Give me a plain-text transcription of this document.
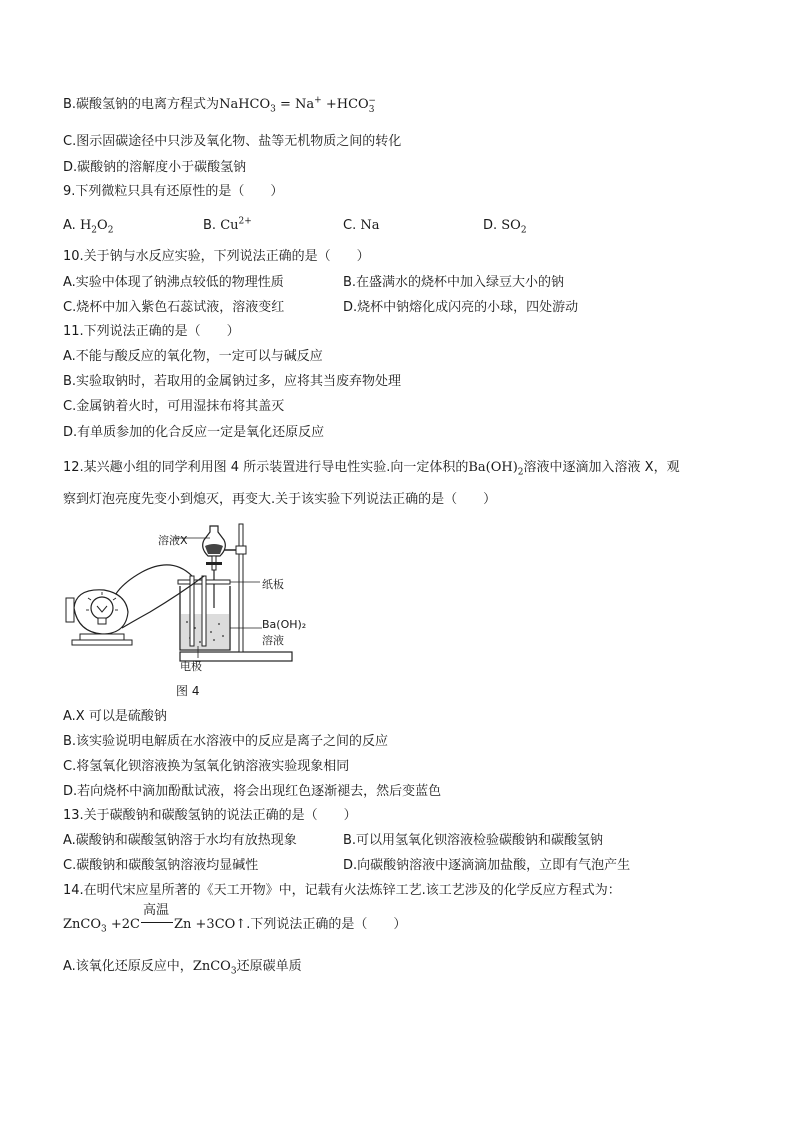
B.碳酸氢钠的电离方程式为NaHCO$_3$ = $Na^+ +HCO_3^-$
C.图示固碳途径中只涉及氧化物、盐等无机物质之间的转化
D.碳酸钠的溶解度小于碳酸氢钠
9.下列微粒只具有还原性的是（　　）
A. $H_2O_2$	B. $Cu^{2+}$	C. Na	D. $SO_2$
10.关于钠与水反应实验，下列说法正确的是（　　）
A.实验中体现了钠沸点较低的物理性质	B.在盛满水的烧杯中加入绿豆大小的钠
C.烧杯中加入紫色石蕊试液，溶液变红	D.烧杯中钠熔化成闪亮的小球，四处游动
11.下列说法正确的是（　　）
A.不能与酸反应的氧化物，一定可以与碱反应
B.实验取钠时，若取用的金属钠过多，应将其当废弃物处理
C.金属钠着火时，可用湿抹布将其盖灭
D.有单质参加的化合反应一定是氧化还原反应
12.某兴趣小组的同学利用图 4 所示装置进行导电性实验.向一定体积的$Ba(OH)_2$溶液中逐滴加入溶液 X，观
察到灯泡亮度先变小到熄灭，再变大.关于该实验下列说法正确的是（　　）
溶液X
纸板
Ba(OH)₂
溶液
电极
图 4
A.X 可以是硫酸钠
B.该实验说明电解质在水溶液中的反应是离子之间的反应
C.将氢氧化钡溶液换为氢氧化钠溶液实验现象相同
D.若向烧杯中滴加酚酞试液，将会出现红色逐渐褪去，然后变蓝色
13.关于碳酸钠和碳酸氢钠的说法正确的是（　　）
A.碳酸钠和碳酸氢钠溶于水均有放热现象	B.可以用氢氧化钡溶液检验碳酸钠和碳酸氢钠
C.碳酸钠和碳酸氢钠溶液均显碱性	D.向碳酸钠溶液中逐滴滴加盐酸，立即有气泡产生
14.在明代宋应星所著的《天工开物》中，记载有火法炼锌工艺.该工艺涉及的化学反应方程式为：
ZnCO$_3$ +2C
高温
Zn +3CO↑.下列说法正确的是（　　）
A.该氧化还原反应中，ZnCO$_3$还原碳单质
